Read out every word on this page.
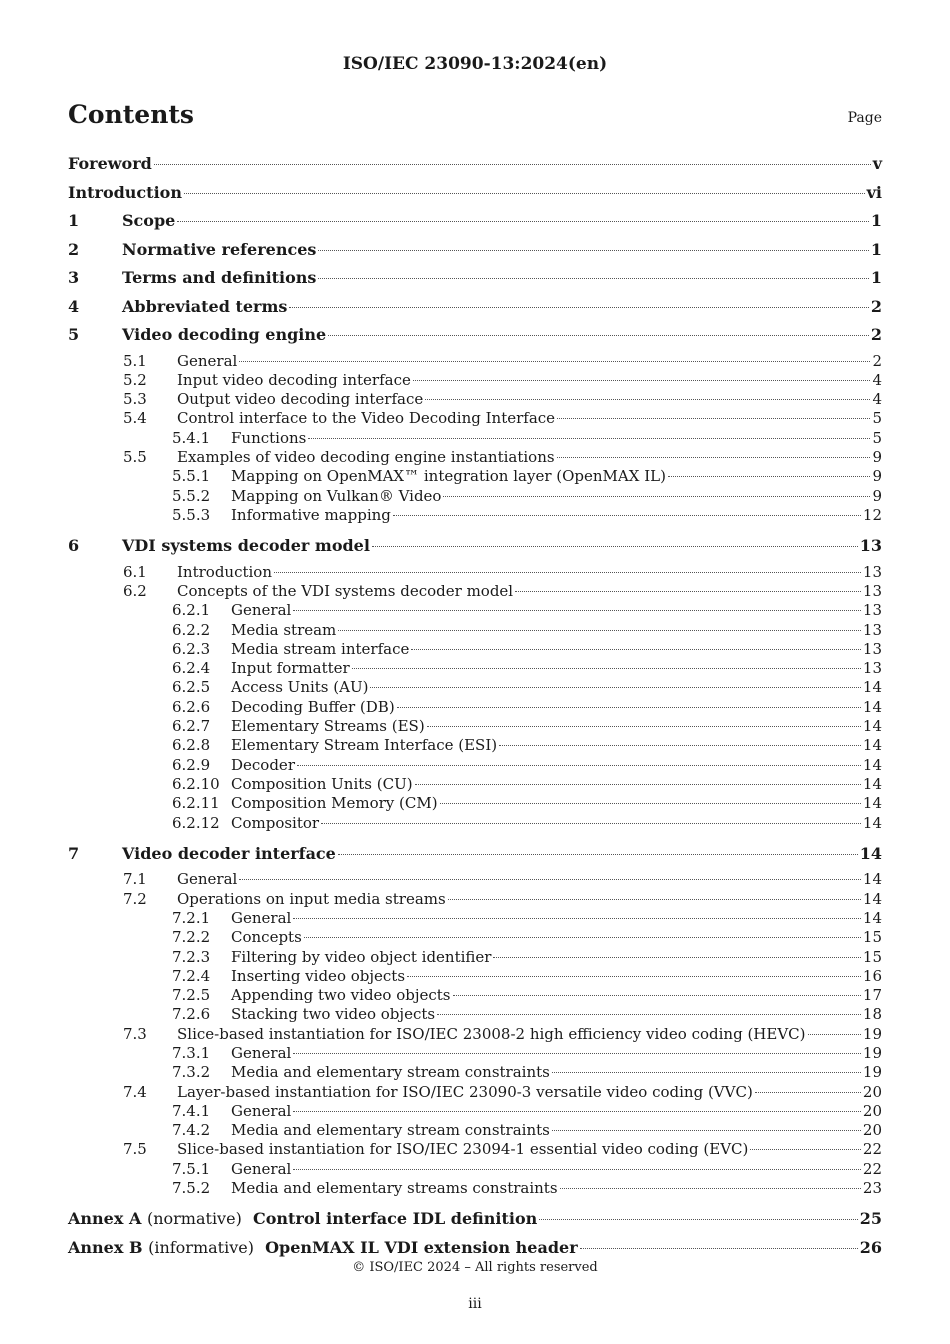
ISO/IEC 23090-13:2024(en)
Contents	Page
Foreword	v
Introduction	vi
1	Scope	1
2	Normative references	1
3	Terms and definitions	1
4	Abbreviated terms	2
5	Video decoding engine	2
5.1 General	2
5.2 Input video decoding interface	4
5.3 Output video decoding interface	4
5.4 Control interface to the Video Decoding Interface	5
5.4.1 Functions	5
5.5 Examples of video decoding engine instantiations	9
5.5.1 Mapping on OpenMAX™ integration layer (OpenMAX IL)	9
5.5.2 Mapping on Vulkan® Video	9
5.5.3 Informative mapping	12
6	VDI systems decoder model	13
6.1 Introduction	13
6.2 Concepts of the VDI systems decoder model	13
6.2.1 General	13
6.2.2 Media stream	13
6.2.3 Media stream interface	13
6.2.4 Input formatter	13
6.2.5 Access Units (AU)	14
6.2.6 Decoding Buffer (DB)	14
6.2.7 Elementary Streams (ES)	14
6.2.8 Elementary Stream Interface (ESI)	14
6.2.9 Decoder	14
6.2.10 Composition Units (CU)	14
6.2.11 Composition Memory (CM)	14
6.2.12 Compositor	14
7	Video decoder interface	14
7.1 General	14
7.2 Operations on input media streams	14
7.2.1 General	14
7.2.2 Concepts	15
7.2.3 Filtering by video object identifier	15
7.2.4 Inserting video objects	16
7.2.5 Appending two video objects	17
7.2.6 Stacking two video objects	18
7.3 Slice-based instantiation for ISO/IEC 23008-2 high efficiency video coding (HEVC)	19
7.3.1 General	19
7.3.2 Media and elementary stream constraints	19
7.4 Layer-based instantiation for ISO/IEC 23090-3 versatile video coding (VVC)	20
7.4.1 General	20
7.4.2 Media and elementary stream constraints	20
7.5 Slice-based instantiation for ISO/IEC 23094-1 essential video coding (EVC)	22
7.5.1 General	22
7.5.2 Media and elementary streams constraints	23
Annex A (normative) Control interface IDL definition	25
Annex B (informative) OpenMAX IL VDI extension header	26
© ISO/IEC 2024 – All rights reserved
iii
